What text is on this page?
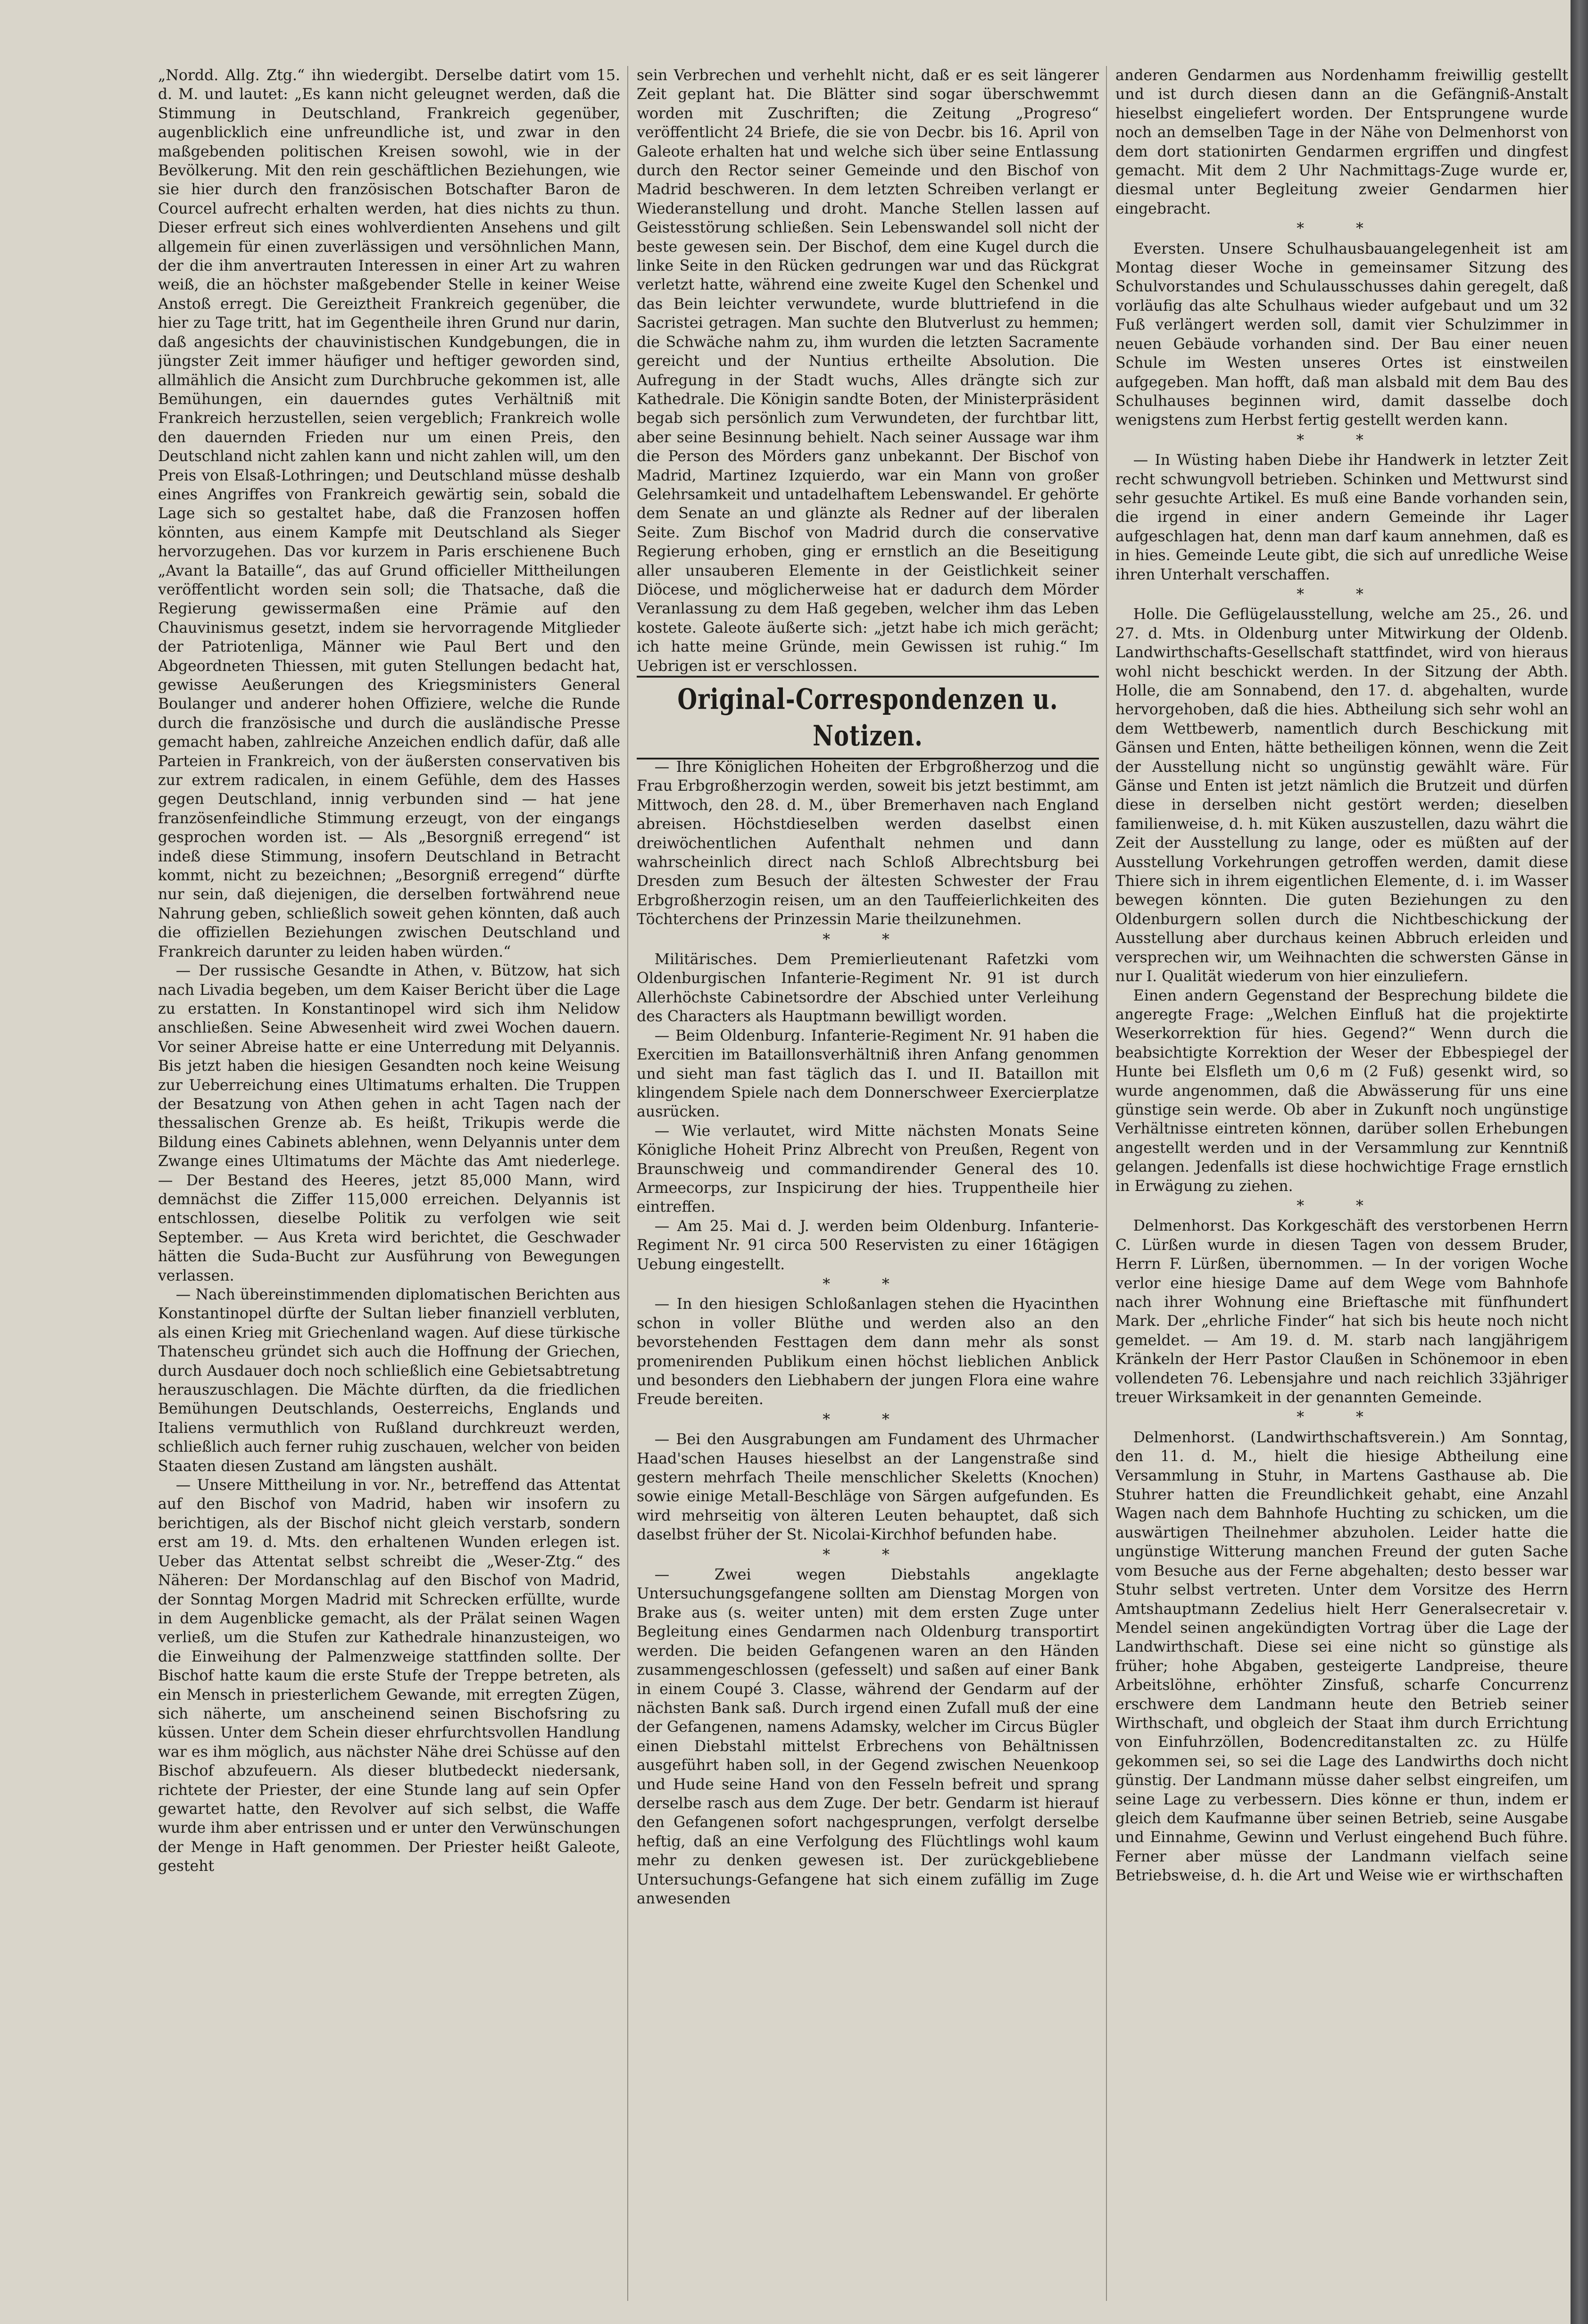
„Nordd. Allg. Ztg.“ ihn wiedergibt. Derselbe datirt vom 15. d. M. und lautet: „Es kann nicht geleugnet werden, daß die Stimmung in Deutschland, Frankreich gegenüber, augenblicklich eine unfreundliche ist, und zwar in den maßgebenden politischen Kreisen sowohl, wie in der Bevölkerung. Mit den rein geschäftlichen Beziehungen, wie sie hier durch den französischen Botschafter Baron de Courcel aufrecht erhalten werden, hat dies nichts zu thun. Dieser erfreut sich eines wohlverdienten Ansehens und gilt allgemein für einen zuverlässigen und versöhnlichen Mann, der die ihm anvertrauten Interessen in einer Art zu wahren weiß, die an höchster maßgebender Stelle in keiner Weise Anstoß erregt. Die Gereiztheit Frankreich gegenüber, die hier zu Tage tritt, hat im Gegentheile ihren Grund nur darin, daß angesichts der chauvinistischen Kundgebungen, die in jüngster Zeit immer häufiger und heftiger geworden sind, allmählich die Ansicht zum Durchbruche gekommen ist, alle Bemühungen, ein dauerndes gutes Verhältniß mit Frankreich herzustellen, seien vergeblich; Frankreich wolle den dauernden Frieden nur um einen Preis, den Deutschland nicht zahlen kann und nicht zahlen will, um den Preis von Elsaß-Lothringen; und Deutschland müsse deshalb eines Angriffes von Frankreich gewärtig sein, sobald die Lage sich so gestaltet habe, daß die Franzosen hoffen könnten, aus einem Kampfe mit Deutschland als Sieger hervorzugehen. Das vor kurzem in Paris erschienene Buch „Avant la Bataille“, das auf Grund officieller Mittheilungen veröffentlicht worden sein soll; die Thatsache, daß die Regierung gewissermaßen eine Prämie auf den Chauvinismus gesetzt, indem sie hervorragende Mitglieder der Patriotenliga, Männer wie Paul Bert und den Abgeordneten Thiessen, mit guten Stellungen bedacht hat, gewisse Aeußerungen des Kriegsministers General Boulanger und anderer hohen Offiziere, welche die Runde durch die französische und durch die ausländische Presse gemacht haben, zahlreiche Anzeichen endlich dafür, daß alle Parteien in Frankreich, von der äußersten conservativen bis zur extrem radicalen, in einem Gefühle, dem des Hasses gegen Deutschland, innig verbunden sind — hat jene französenfeindliche Stimmung erzeugt, von der eingangs gesprochen worden ist. — Als „Besorgniß erregend“ ist indeß diese Stimmung, insofern Deutschland in Betracht kommt, nicht zu bezeichnen; „Besorgniß erregend“ dürfte nur sein, daß diejenigen, die derselben fortwährend neue Nahrung geben, schließlich soweit gehen könnten, daß auch die offiziellen Beziehungen zwischen Deutschland und Frankreich darunter zu leiden haben würden.“

— Der russische Gesandte in Athen, v. Bützow, hat sich nach Livadia begeben, um dem Kaiser Bericht über die Lage zu erstatten. In Konstantinopel wird sich ihm Nelidow anschließen. Seine Abwesenheit wird zwei Wochen dauern. Vor seiner Abreise hatte er eine Unterredung mit Delyannis. Bis jetzt haben die hiesigen Gesandten noch keine Weisung zur Ueberreichung eines Ultimatums erhalten. Die Truppen der Besatzung von Athen gehen in acht Tagen nach der thessalischen Grenze ab. Es heißt, Trikupis werde die Bildung eines Cabinets ablehnen, wenn Delyannis unter dem Zwange eines Ultimatums der Mächte das Amt niederlege. — Der Bestand des Heeres, jetzt 85,000 Mann, wird demnächst die Ziffer 115,000 erreichen. Delyannis ist entschlossen, dieselbe Politik zu verfolgen wie seit September. — Aus Kreta wird berichtet, die Geschwader hätten die Suda-Bucht zur Ausführung von Bewegungen verlassen.

— Nach übereinstimmenden diplomatischen Berichten aus Konstantinopel dürfte der Sultan lieber finanziell verbluten, als einen Krieg mit Griechenland wagen. Auf diese türkische Thatenscheu gründet sich auch die Hoffnung der Griechen, durch Ausdauer doch noch schließlich eine Gebietsabtretung herauszuschlagen. Die Mächte dürften, da die friedlichen Bemühungen Deutschlands, Oesterreichs, Englands und Italiens vermuthlich von Rußland durchkreuzt werden, schließlich auch ferner ruhig zuschauen, welcher von beiden Staaten diesen Zustand am längsten aushält.

— Unsere Mittheilung in vor. Nr., betreffend das Attentat auf den Bischof von Madrid, haben wir insofern zu berichtigen, als der Bischof nicht gleich verstarb, sondern erst am 19. d. Mts. den erhaltenen Wunden erlegen ist. Ueber das Attentat selbst schreibt die „Weser-Ztg.“ des Näheren: Der Mordanschlag auf den Bischof von Madrid, der Sonntag Morgen Madrid mit Schrecken erfüllte, wurde in dem Augenblicke gemacht, als der Prälat seinen Wagen verließ, um die Stufen zur Kathedrale hinanzusteigen, wo die Einweihung der Palmenzweige stattfinden sollte. Der Bischof hatte kaum die erste Stufe der Treppe betreten, als ein Mensch in priesterlichem Gewande, mit erregten Zügen, sich näherte, um anscheinend seinen Bischofsring zu küssen. Unter dem Schein dieser ehrfurchtsvollen Handlung war es ihm möglich, aus nächster Nähe drei Schüsse auf den Bischof abzufeuern. Als dieser blutbedeckt niedersank, richtete der Priester, der eine Stunde lang auf sein Opfer gewartet hatte, den Revolver auf sich selbst, die Waffe wurde ihm aber entrissen und er unter den Verwünschungen der Menge in Haft genommen. Der Priester heißt Galeote, gesteht

sein Verbrechen und verhehlt nicht, daß er es seit längerer Zeit geplant hat. Die Blätter sind sogar überschwemmt worden mit Zuschriften; die Zeitung „Progreso“ veröffentlicht 24 Briefe, die sie von Decbr. bis 16. April von Galeote erhalten hat und welche sich über seine Entlassung durch den Rector seiner Gemeinde und den Bischof von Madrid beschweren. In dem letzten Schreiben verlangt er Wiederanstellung und droht. Manche Stellen lassen auf Geistesstörung schließen. Sein Lebenswandel soll nicht der beste gewesen sein. Der Bischof, dem eine Kugel durch die linke Seite in den Rücken gedrungen war und das Rückgrat verletzt hatte, während eine zweite Kugel den Schenkel und das Bein leichter verwundete, wurde bluttriefend in die Sacristei getragen. Man suchte den Blutverlust zu hemmen; die Schwäche nahm zu, ihm wurden die letzten Sacramente gereicht und der Nuntius ertheilte Absolution. Die Aufregung in der Stadt wuchs, Alles drängte sich zur Kathedrale. Die Königin sandte Boten, der Ministerpräsident begab sich persönlich zum Verwundeten, der furchtbar litt, aber seine Besinnung behielt. Nach seiner Aussage war ihm die Person des Mörders ganz unbekannt. Der Bischof von Madrid, Martinez Izquierdo, war ein Mann von großer Gelehrsamkeit und untadelhaftem Lebenswandel. Er gehörte dem Senate an und glänzte als Redner auf der liberalen Seite. Zum Bischof von Madrid durch die conservative Regierung erhoben, ging er ernstlich an die Beseitigung aller unsauberen Elemente in der Geistlichkeit seiner Diöcese, und möglicherweise hat er dadurch dem Mörder Veranlassung zu dem Haß gegeben, welcher ihm das Leben kostete. Galeote äußerte sich: „jetzt habe ich mich gerächt; ich hatte meine Gründe, mein Gewissen ist ruhig.“ Im Uebrigen ist er verschlossen.

Original-Correspondenzen u. Notizen.

— Ihre Königlichen Hoheiten der Erbgroßherzog und die Frau Erbgroßherzogin werden, soweit bis jetzt bestimmt, am Mittwoch, den 28. d. M., über Bremerhaven nach England abreisen. Höchstdieselben werden daselbst einen dreiwöchentlichen Aufenthalt nehmen und dann wahrscheinlich direct nach Schloß Albrechtsburg bei Dresden zum Besuch der ältesten Schwester der Frau Erbgroßherzogin reisen, um an den Tauffeierlichkeiten des Töchterchens der Prinzessin Marie theilzunehmen.

* *

Militärisches. Dem Premierlieutenant Rafetzki vom Oldenburgischen Infanterie-Regiment Nr. 91 ist durch Allerhöchste Cabinetsordre der Abschied unter Verleihung des Characters als Hauptmann bewilligt worden.

— Beim Oldenburg. Infanterie-Regiment Nr. 91 haben die Exercitien im Bataillonsverhältniß ihren Anfang genommen und sieht man fast täglich das I. und II. Bataillon mit klingendem Spiele nach dem Donnerschweer Exercierplatze ausrücken.

— Wie verlautet, wird Mitte nächsten Monats Seine Königliche Hoheit Prinz Albrecht von Preußen, Regent von Braunschweig und commandirender General des 10. Armeecorps, zur Inspicirung der hies. Truppentheile hier eintreffen.

— Am 25. Mai d. J. werden beim Oldenburg. Infanterie-Regiment Nr. 91 circa 500 Reservisten zu einer 16tägigen Uebung eingestellt.

* *

— In den hiesigen Schloßanlagen stehen die Hyacinthen schon in voller Blüthe und werden also an den bevorstehenden Festtagen dem dann mehr als sonst promenirenden Publikum einen höchst lieblichen Anblick und besonders den Liebhabern der jungen Flora eine wahre Freude bereiten.

* *

— Bei den Ausgrabungen am Fundament des Uhrmacher Haad'schen Hauses hieselbst an der Langenstraße sind gestern mehrfach Theile menschlicher Skeletts (Knochen) sowie einige Metall-Beschläge von Särgen aufgefunden. Es wird mehrseitig von älteren Leuten behauptet, daß sich daselbst früher der St. Nicolai-Kirchhof befunden habe.

* *

— Zwei wegen Diebstahls angeklagte Untersuchungsgefangene sollten am Dienstag Morgen von Brake aus (s. weiter unten) mit dem ersten Zuge unter Begleitung eines Gendarmen nach Oldenburg transportirt werden. Die beiden Gefangenen waren an den Händen zusammengeschlossen (gefesselt) und saßen auf einer Bank in einem Coupé 3. Classe, während der Gendarm auf der nächsten Bank saß. Durch irgend einen Zufall muß der eine der Gefangenen, namens Adamsky, welcher im Circus Bügler einen Diebstahl mittelst Erbrechens von Behältnissen ausgeführt haben soll, in der Gegend zwischen Neuenkoop und Hude seine Hand von den Fesseln befreit und sprang derselbe rasch aus dem Zuge. Der betr. Gendarm ist hierauf den Gefangenen sofort nachgesprungen, verfolgt derselbe heftig, daß an eine Verfolgung des Flüchtlings wohl kaum mehr zu denken gewesen ist. Der zurückgebliebene Untersuchungs-Gefangene hat sich einem zufällig im Zuge anwesenden

anderen Gendarmen aus Nordenhamm freiwillig gestellt und ist durch diesen dann an die Gefängniß-Anstalt hieselbst eingeliefert worden. Der Entsprungene wurde noch an demselben Tage in der Nähe von Delmenhorst von dem dort stationirten Gendarmen ergriffen und dingfest gemacht. Mit dem 2 Uhr Nachmittags-Zuge wurde er, diesmal unter Begleitung zweier Gendarmen hier eingebracht.

* *

Eversten. Unsere Schulhausbauangelegenheit ist am Montag dieser Woche in gemeinsamer Sitzung des Schulvorstandes und Schulausschusses dahin geregelt, daß vorläufig das alte Schulhaus wieder aufgebaut und um 32 Fuß verlängert werden soll, damit vier Schulzimmer in neuen Gebäude vorhanden sind. Der Bau einer neuen Schule im Westen unseres Ortes ist einstweilen aufgegeben. Man hofft, daß man alsbald mit dem Bau des Schulhauses beginnen wird, damit dasselbe doch wenigstens zum Herbst fertig gestellt werden kann.

* *

— In Wüsting haben Diebe ihr Handwerk in letzter Zeit recht schwungvoll betrieben. Schinken und Mettwurst sind sehr gesuchte Artikel. Es muß eine Bande vorhanden sein, die irgend in einer andern Gemeinde ihr Lager aufgeschlagen hat, denn man darf kaum annehmen, daß es in hies. Gemeinde Leute gibt, die sich auf unredliche Weise ihren Unterhalt verschaffen.

* *

Holle. Die Geflügelausstellung, welche am 25., 26. und 27. d. Mts. in Oldenburg unter Mitwirkung der Oldenb. Landwirthschafts-Gesellschaft stattfindet, wird von hieraus wohl nicht beschickt werden. In der Sitzung der Abth. Holle, die am Sonnabend, den 17. d. abgehalten, wurde hervorgehoben, daß die hies. Abtheilung sich sehr wohl an dem Wettbewerb, namentlich durch Beschickung mit Gänsen und Enten, hätte betheiligen können, wenn die Zeit der Ausstellung nicht so ungünstig gewählt wäre. Für Gänse und Enten ist jetzt nämlich die Brutzeit und dürfen diese in derselben nicht gestört werden; dieselben familienweise, d. h. mit Küken auszustellen, dazu währt die Zeit der Ausstellung zu lange, oder es müßten auf der Ausstellung Vorkehrungen getroffen werden, damit diese Thiere sich in ihrem eigentlichen Elemente, d. i. im Wasser bewegen könnten. Die guten Beziehungen zu den Oldenburgern sollen durch die Nichtbeschickung der Ausstellung aber durchaus keinen Abbruch erleiden und versprechen wir, um Weihnachten die schwersten Gänse in nur I. Qualität wiederum von hier einzuliefern.

Einen andern Gegenstand der Besprechung bildete die angeregte Frage: „Welchen Einfluß hat die projektirte Weserkorrektion für hies. Gegend?“ Wenn durch die beabsichtigte Korrektion der Weser der Ebbespiegel der Hunte bei Elsfleth um 0,6 m (2 Fuß) gesenkt wird, so wurde angenommen, daß die Abwässerung für uns eine günstige sein werde. Ob aber in Zukunft noch ungünstige Verhältnisse eintreten können, darüber sollen Erhebungen angestellt werden und in der Versammlung zur Kenntniß gelangen. Jedenfalls ist diese hochwichtige Frage ernstlich in Erwägung zu ziehen.

* *

Delmenhorst. Das Korkgeschäft des verstorbenen Herrn C. Lürßen wurde in diesen Tagen von dessem Bruder, Herrn F. Lürßen, übernommen. — In der vorigen Woche verlor eine hiesige Dame auf dem Wege vom Bahnhofe nach ihrer Wohnung eine Brieftasche mit fünfhundert Mark. Der „ehrliche Finder“ hat sich bis heute noch nicht gemeldet. — Am 19. d. M. starb nach langjährigem Kränkeln der Herr Pastor Claußen in Schönemoor in eben vollendeten 76. Lebensjahre und nach reichlich 33jähriger treuer Wirksamkeit in der genannten Gemeinde.

* *

Delmenhorst. (Landwirthschaftsverein.) Am Sonntag, den 11. d. M., hielt die hiesige Abtheilung eine Versammlung in Stuhr, in Martens Gasthause ab. Die Stuhrer hatten die Freundlichkeit gehabt, eine Anzahl Wagen nach dem Bahnhofe Huchting zu schicken, um die auswärtigen Theilnehmer abzuholen. Leider hatte die ungünstige Witterung manchen Freund der guten Sache vom Besuche aus der Ferne abgehalten; desto besser war Stuhr selbst vertreten. Unter dem Vorsitze des Herrn Amtshauptmann Zedelius hielt Herr Generalsecretair v. Mendel seinen angekündigten Vortrag über die Lage der Landwirthschaft. Diese sei eine nicht so günstige als früher; hohe Abgaben, gesteigerte Landpreise, theure Arbeitslöhne, erhöhter Zinsfuß, scharfe Concurrenz erschwere dem Landmann heute den Betrieb seiner Wirthschaft, und obgleich der Staat ihm durch Errichtung von Einfuhrzöllen, Bodencreditanstalten zc. zu Hülfe gekommen sei, so sei die Lage des Landwirths doch nicht günstig. Der Landmann müsse daher selbst eingreifen, um seine Lage zu verbessern. Dies könne er thun, indem er gleich dem Kaufmanne über seinen Betrieb, seine Ausgabe und Einnahme, Gewinn und Verlust eingehend Buch führe. Ferner aber müsse der Landmann vielfach seine Betriebsweise, d. h. die Art und Weise wie er wirthschaften
